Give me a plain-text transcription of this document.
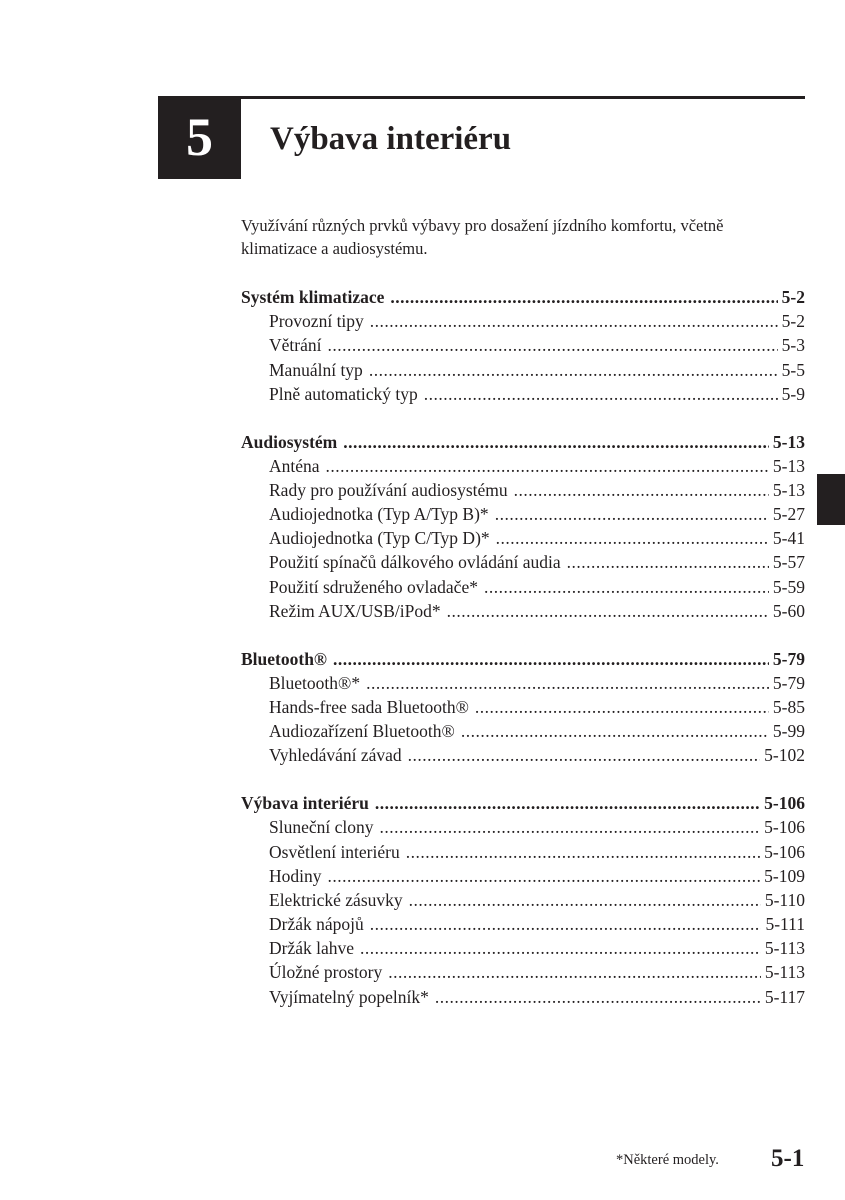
5	Výbava interiéru
Využívání různých prvků výbavy pro dosažení jízdního komfortu, včetně klimatizace a audiosystému.
Systém klimatizace .....	5-2
Provozní tipy .....	5-2
Větrání .....	5-3
Manuální typ .....	5-5
Plně automatický typ .....	5-9
Audiosystém .....	5-13
Anténa .....	5-13
Rady pro používání audiosystému .....	5-13
Audiojednotka (Typ A/Typ B)* .....	5-27
Audiojednotka (Typ C/Typ D)* .....	5-41
Použití spínačů dálkového ovládání audia .....	5-57
Použití sdruženého ovladače* .....	5-59
Režim AUX/USB/iPod* .....	5-60
Bluetooth® .....	5-79
Bluetooth®* .....	5-79
Hands-free sada Bluetooth® .....	5-85
Audiozařízení Bluetooth® .....	5-99
Vyhledávání závad .....	5-102
Výbava interiéru .....	5-106
Sluneční clony .....	5-106
Osvětlení interiéru .....	5-106
Hodiny .....	5-109
Elektrické zásuvky .....	5-110
Držák nápojů .....	5-111
Držák lahve .....	5-113
Úložné prostory .....	5-113
Vyjímatelný popelník* .....	5-117
*Některé modely. 5-1
